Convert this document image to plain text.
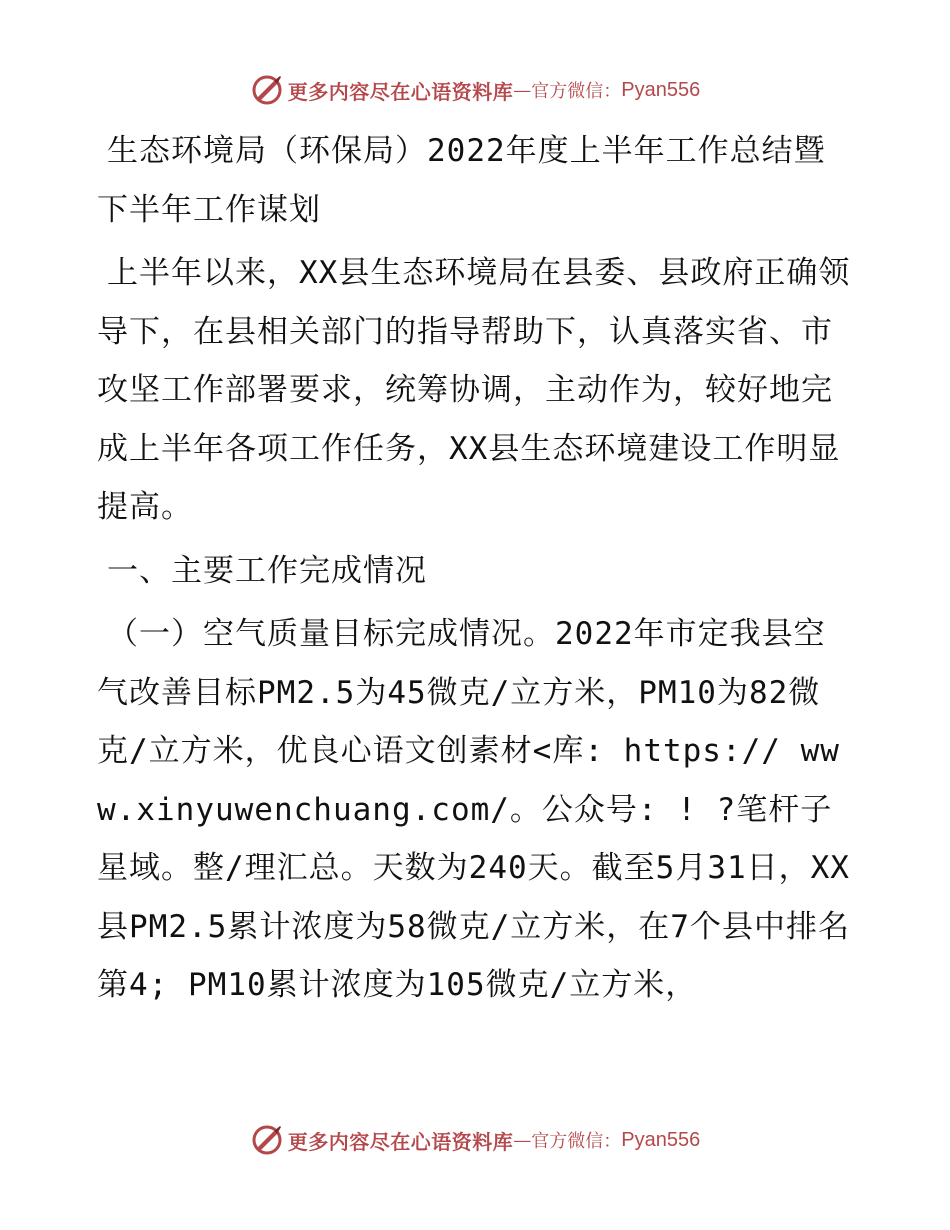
更多内容尽在心语资料库 — 官方微信： Pyan556

生态环境局（环保局）2022年度上半年工作总结暨下半年工作谋划

上半年以来，XX县生态环境局在县委、县政府正确领导下，在县相关部门的指导帮助下，认真落实省、市攻坚工作部署要求，统筹协调，主动作为，较好地完成上半年各项工作任务，XX县生态环境建设工作明显提高。

一、主要工作完成情况

（一）空气质量目标完成情况。2022年市定我县空气改善目标PM2.5为45微克/立方米，PM10为82微克/立方米，优良心语文创素材<库: https:// www.xinyuwenchuang.com/。公众号: ! ?笔杆子星域。整/理汇总。天数为240天。截至5月31日，XX县PM2.5累计浓度为58微克/立方米，在7个县中排名第4; PM10累计浓度为105微克/立方米，

更多内容尽在心语资料库 — 官方微信： Pyan556
